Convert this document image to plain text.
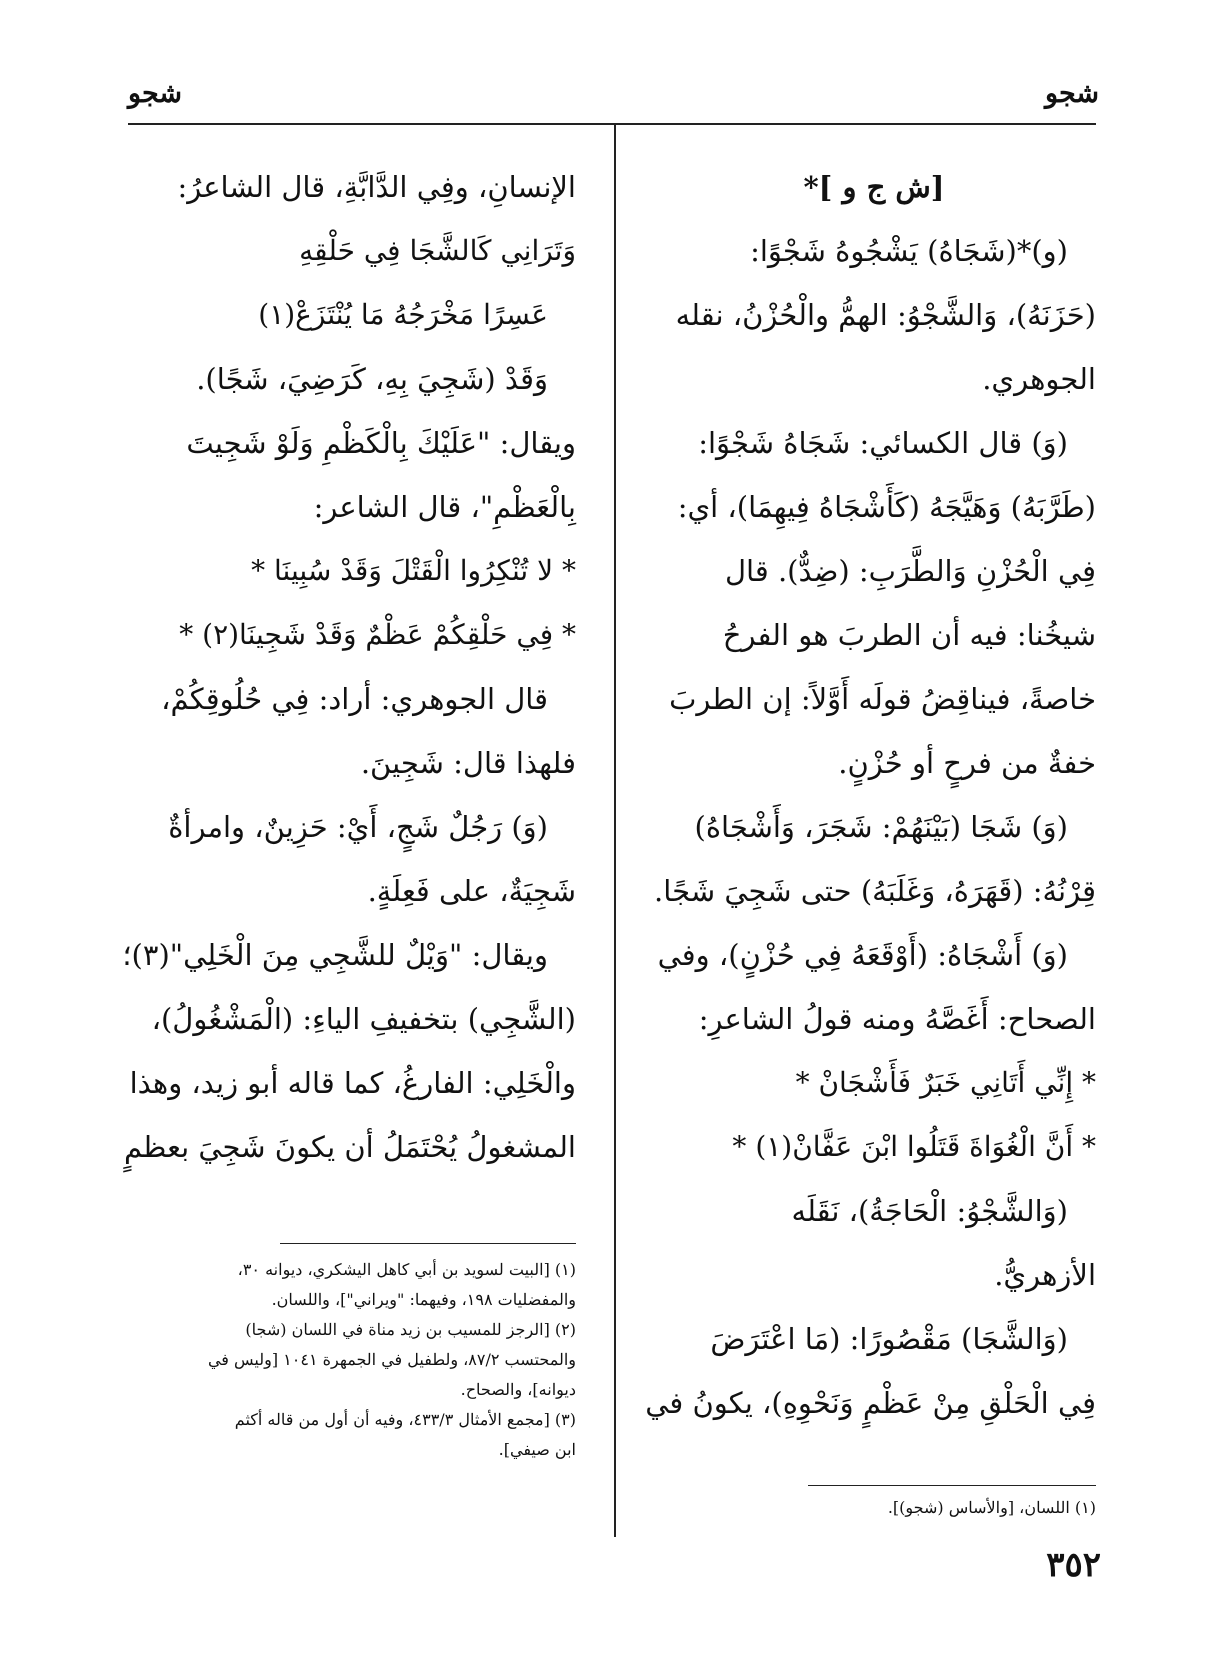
شجو
شجو
[ش ج و ]*
(و)*(شَجَاهُ) يَشْجُوهُ شَجْوًا:
(حَزَنَهُ)، وَالشَّجْوُ: الهمُّ والْحُزْنُ، نقله
الجوهري.
(وَ) قال الكسائي: شَجَاهُ شَجْوًا:
(طَرَّبَهُ) وَهَيَّجَهُ (كَأَشْجَاهُ فِيهِمَا)، أي:
فِي الْحُزْنِ وَالطَّرَبِ: (ضِدٌّ). قال
شيخُنا: فيه أن الطربَ هو الفرحُ
خاصةً، فيناقِضُ قولَه أَوَّلاً: إن الطربَ
خفةٌ من فرحٍ أو حُزْنٍ.
(وَ) شَجَا (بَيْنَهُمْ: شَجَرَ، وَأَشْجَاهُ)
قِرْنُهُ: (قَهَرَهُ، وَغَلَبَهُ) حتى شَجِيَ شَجًا.
(وَ) أَشْجَاهُ: (أَوْقَعَهُ فِي حُزْنٍ)، وفي
الصحاح: أَغَصَّهُ ومنه قولُ الشاعرِ:
* إِنِّي أَتَانِي خَبَرٌ فَأَشْجَانْ *
* أَنَّ الْغُوَاةَ قَتَلُوا ابْنَ عَفَّانْ(١) *
(وَالشَّجْوُ: الْحَاجَةُ)، نَقَلَه
الأزهريُّ.
(وَالشَّجَا) مَقْصُورًا: (مَا اعْتَرَضَ
فِي الْحَلْقِ مِنْ عَظْمٍ وَنَحْوِهِ)، يكونُ في
الإنسانِ، وفِي الدَّابَّةِ، قال الشاعرُ:
وَتَرَانِي كَالشَّجَا فِي حَلْقِهِ
عَسِرًا مَخْرَجُهُ مَا يُنْتَزَعْ(١)
وَقَدْ (شَجِيَ بِهِ، كَرَضِيَ، شَجًا).
ويقال: "عَلَيْكَ بِالْكَظْمِ وَلَوْ شَجِيتَ
بِالْعَظْمِ"، قال الشاعر:
* لا تُنْكِرُوا الْقَتْلَ وَقَدْ سُبِينَا *
* فِي حَلْقِكُمْ عَظْمٌ وَقَدْ شَجِينَا(٢) *
قال الجوهري: أراد: فِي حُلُوقِكُمْ،
فلهذا قال: شَجِينَ.
(وَ) رَجُلٌ شَجٍ، أَيْ: حَزِينٌ، وامرأةٌ
شَجِيَةٌ، على فَعِلَةٍ.
ويقال: "وَيْلٌ للشَّجِي مِنَ الْخَلِي"(٣)؛
(الشَّجِي) بتخفيفِ الياءِ: (الْمَشْغُولُ)،
والْخَلِي: الفارغُ، كما قاله أبو زيد، وهذا
المشغولُ يُحْتَمَلُ أن يكونَ شَجِيَ بعظمٍ
(١) [البيت لسويد بن أبي كاهل اليشكري، ديوانه ٣٠،
والمفضليات ١٩٨، وفيهما: "ويراني"]، واللسان.
(٢) [الرجز للمسيب بن زيد مناة في اللسان (شجا)
والمحتسب ٨٧/٢، ولطفيل في الجمهرة ١٠٤١ [وليس في
ديوانه]، والصحاح.
(٣) [مجمع الأمثال ٤٣٣/٣، وفيه أن أول من قاله أكثم
ابن صيفي].
(١) اللسان، [والأساس (شجو)].
٣٥٢
